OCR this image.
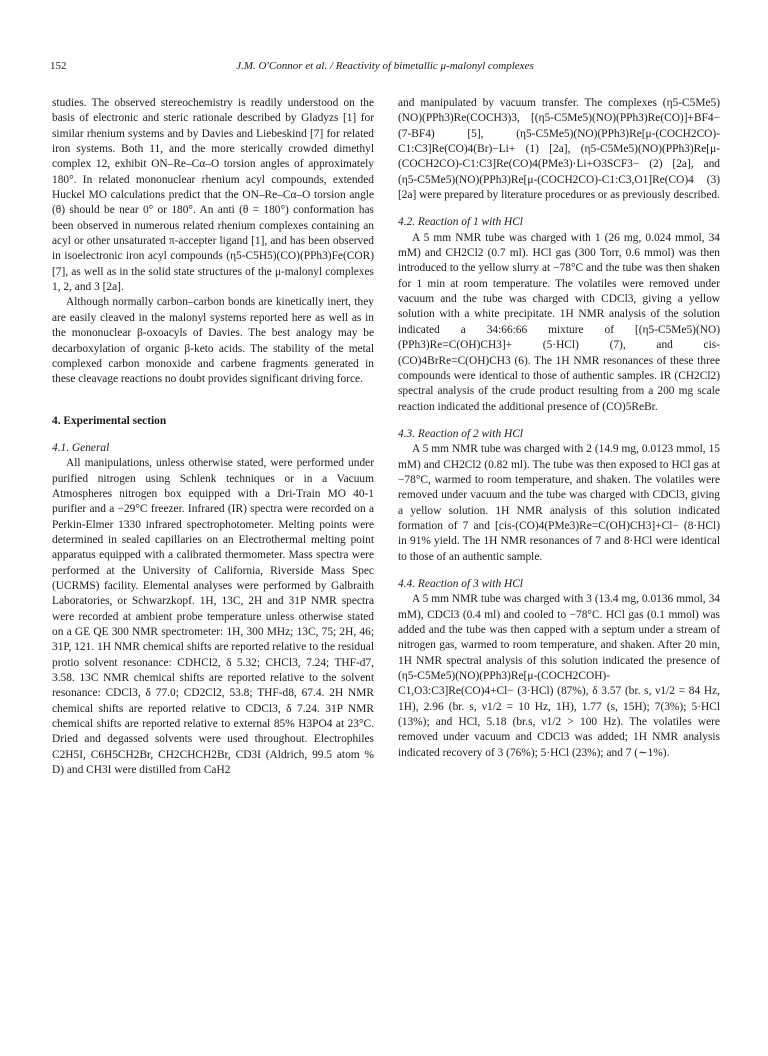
152	J.M. O'Connor et al. / Reactivity of bimetallic μ-malonyl complexes

studies. The observed stereochemistry is readily understood on the basis of electronic and steric rationale described by Gladyzs [1] for similar rhenium systems and by Davies and Liebeskind [7] for related iron systems. Both 11, and the more sterically crowded dimethyl complex 12, exhibit ON–Re–Cα–O torsion angles of approximately 180°. In related mononuclear rhenium acyl compounds, extended Huckel MO calculations predict that the ON–Re–Cα–O torsion angle (θ) should be near 0° or 180°. An anti (θ = 180°) conformation has been observed in numerous related rhenium complexes containing an acyl or other unsaturated π-accepter ligand [1], and has been observed in isoelectronic iron acyl compounds (η5-C5H5)(CO)(PPh3)Fe(COR) [7], as well as in the solid state structures of the μ-malonyl complexes 1, 2, and 3 [2a].

Although normally carbon–carbon bonds are kinetically inert, they are easily cleaved in the malonyl systems reported here as well as in the mononuclear β-oxoacyls of Davies. The best analogy may be decarboxylation of organic β-keto acids. The stability of the metal complexed carbon monoxide and carbene fragments generated in these cleavage reactions no doubt provides significant driving force.

4. Experimental section

4.1. General

All manipulations, unless otherwise stated, were performed under purified nitrogen using Schlenk techniques or in a Vacuum Atmospheres nitrogen box equipped with a Dri-Train MO 40-1 purifier and a −29°C freezer. Infrared (IR) spectra were recorded on a Perkin-Elmer 1330 infrared spectrophotometer. Melting points were determined in sealed capillaries on an Electrothermal melting point apparatus equipped with a calibrated thermometer. Mass spectra were performed at the University of California, Riverside Mass Spec (UCRMS) facility. Elemental analyses were performed by Galbraith Laboratories, or Schwarzkopf. 1H, 13C, 2H and 31P NMR spectra were recorded at ambient probe temperature unless otherwise stated on a GE QE 300 NMR spectrometer: 1H, 300 MHz; 13C, 75; 2H, 46; 31P, 121. 1H NMR chemical shifts are reported relative to the residual protio solvent resonance: CDHCl2, δ 5.32; CHCl3, 7.24; THF-d7, 3.58. 13C NMR chemical shifts are reported relative to the solvent resonance: CDCl3, δ 77.0; CD2Cl2, 53.8; THF-d8, 67.4. 2H NMR chemical shifts are reported relative to CDCl3, δ 7.24. 31P NMR chemical shifts are reported relative to external 85% H3PO4 at 23°C. Dried and degassed solvents were used throughout. Electrophiles C2H5I, C6H5CH2Br, CH2CHCH2Br, CD3I (Aldrich, 99.5 atom % D) and CH3I were distilled from CaH2

and manipulated by vacuum transfer. The complexes (η5-C5Me5)(NO)(PPh3)Re(COCH3)3, [(η5-C5Me5)(NO)(PPh3)Re(CO)]+BF4− (7-BF4) [5], (η5-C5Me5)(NO)(PPh3)Re[μ-(COCH2CO)-C1:C3]Re(CO)4(Br)−Li+ (1) [2a], (η5-C5Me5)(NO)(PPh3)Re[μ-(COCH2CO)-C1:C3]Re(CO)4(PMe3)·Li+O3SCF3− (2) [2a], and (η5-C5Me5)(NO)(PPh3)Re[μ-(COCH2CO)-C1:C3,O1]Re(CO)4 (3) [2a] were prepared by literature procedures or as previously described.

4.2. Reaction of 1 with HCl

A 5 mm NMR tube was charged with 1 (26 mg, 0.024 mmol, 34 mM) and CH2Cl2 (0.7 ml). HCl gas (300 Torr, 0.6 mmol) was then introduced to the yellow slurry at −78°C and the tube was then shaken for 1 min at room temperature. The volatiles were removed under vacuum and the tube was charged with CDCl3, giving a yellow solution with a white precipitate. 1H NMR analysis of the solution indicated a 34:66:66 mixture of [(η5-C5Me5)(NO)(PPh3)Re=C(OH)CH3]+ (5·HCl) (7), and cis-(CO)4BrRe=C(OH)CH3 (6). The 1H NMR resonances of these three compounds were identical to those of authentic samples. IR (CH2Cl2) spectral analysis of the crude product resulting from a 200 mg scale reaction indicated the additional presence of (CO)5ReBr.

4.3. Reaction of 2 with HCl

A 5 mm NMR tube was charged with 2 (14.9 mg, 0.0123 mmol, 15 mM) and CH2Cl2 (0.82 ml). The tube was then exposed to HCl gas at −78°C, warmed to room temperature, and shaken. The volatiles were removed under vacuum and the tube was charged with CDCl3, giving a yellow solution. 1H NMR analysis of this solution indicated formation of 7 and [cis-(CO)4(PMe3)Re=C(OH)CH3]+Cl− (8·HCl) in 91% yield. The 1H NMR resonances of 7 and 8·HCl were identical to those of an authentic sample.

4.4. Reaction of 3 with HCl

A 5 mm NMR tube was charged with 3 (13.4 mg, 0.0136 mmol, 34 mM), CDCl3 (0.4 ml) and cooled to −78°C. HCl gas (0.1 mmol) was added and the tube was then capped with a septum under a stream of nitrogen gas, warmed to room temperature, and shaken. After 20 min, 1H NMR spectral analysis of this solution indicated the presence of (η5-C5Me5)(NO)(PPh3)Re[μ-(COCH2COH)-C1,O3:C3]Re(CO)4+Cl− (3·HCl) (87%), δ 3.57 (br. s, ν1/2 = 84 Hz, 1H), 2.96 (br. s, ν1/2 = 10 Hz, 1H), 1.77 (s, 15H); 7(3%); 5·HCl (13%); and HCl, 5.18 (br.s, ν1/2 > 100 Hz). The volatiles were removed under vacuum and CDCl3 was added; 1H NMR analysis indicated recovery of 3 (76%); 5·HCl (23%); and 7 (∼1%).
